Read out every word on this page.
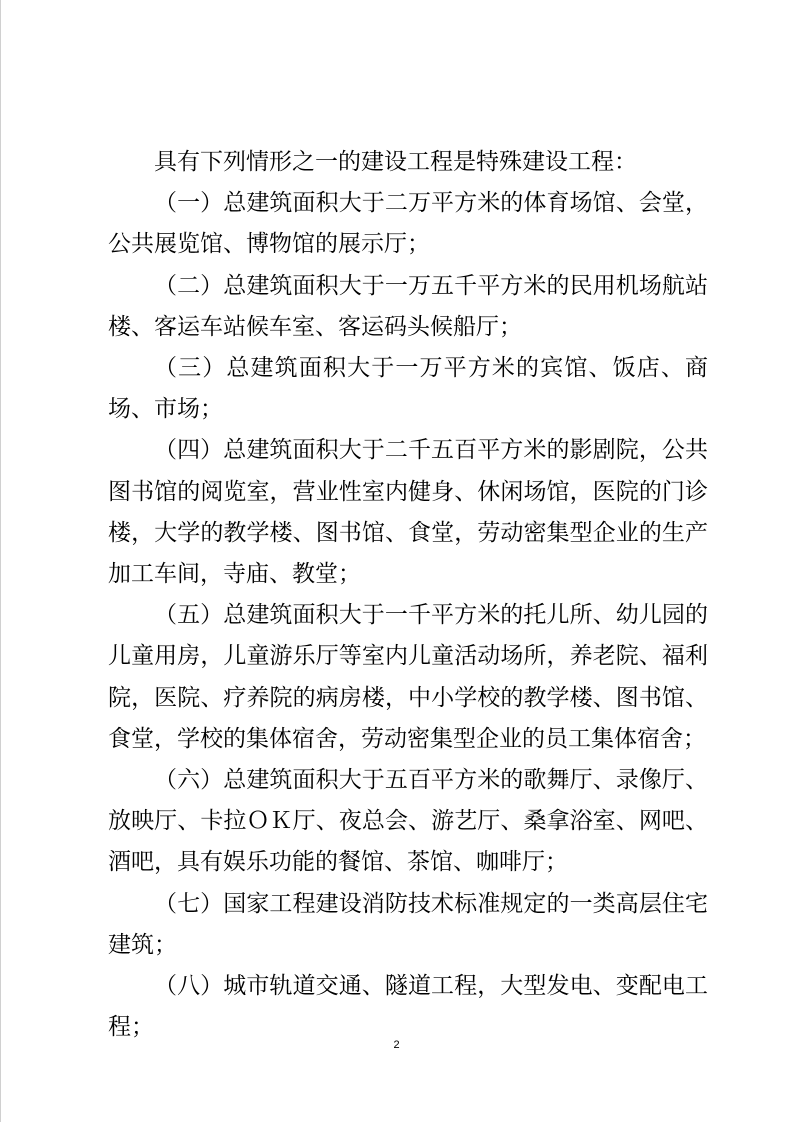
具有下列情形之一的建设工程是特殊建设工程：

（一）总建筑面积大于二万平方米的体育场馆、会堂，公共展览馆、博物馆的展示厅；

（二）总建筑面积大于一万五千平方米的民用机场航站楼、客运车站候车室、客运码头候船厅；

（三）总建筑面积大于一万平方米的宾馆、饭店、商场、市场；

（四）总建筑面积大于二千五百平方米的影剧院，公共图书馆的阅览室，营业性室内健身、休闲场馆，医院的门诊楼，大学的教学楼、图书馆、食堂，劳动密集型企业的生产加工车间，寺庙、教堂；

（五）总建筑面积大于一千平方米的托儿所、幼儿园的儿童用房，儿童游乐厅等室内儿童活动场所，养老院、福利院，医院、疗养院的病房楼，中小学校的教学楼、图书馆、食堂，学校的集体宿舍，劳动密集型企业的员工集体宿舍；

（六）总建筑面积大于五百平方米的歌舞厅、录像厅、放映厅、卡拉ＯＫ厅、夜总会、游艺厅、桑拿浴室、网吧、酒吧，具有娱乐功能的餐馆、茶馆、咖啡厅；

（七）国家工程建设消防技术标准规定的一类高层住宅建筑；

（八）城市轨道交通、隧道工程，大型发电、变配电工程；

2
